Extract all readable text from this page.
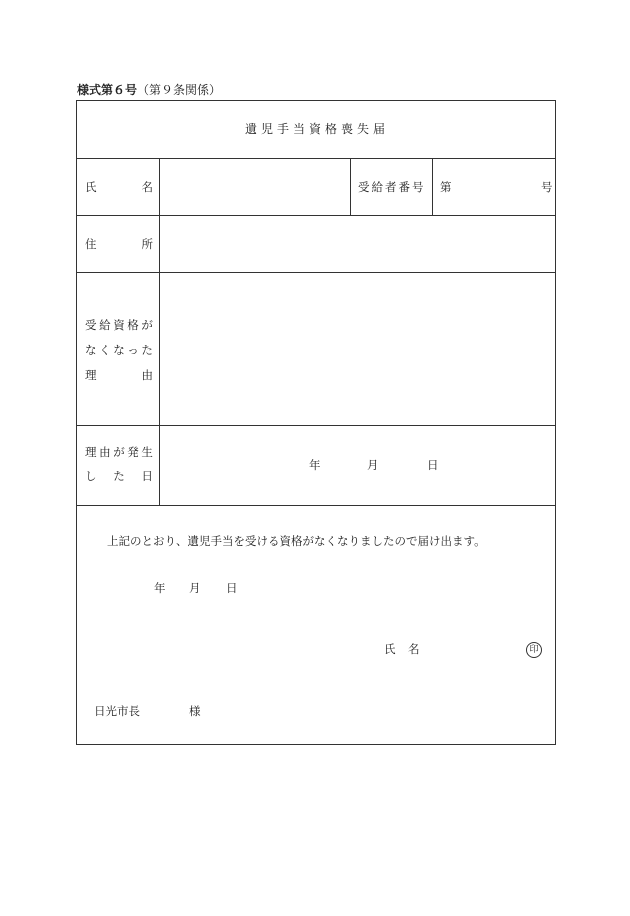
様式第６号（第９条関係）
遺児手当資格喪失届
氏	名	受給者番号 第	号
住	所
受給資格が
なくなった
理	由
理由が発生
し た 日
年	月	日
上記のとおり、遺児手当を受ける資格がなくなりましたので届け出ます。
年 月 日
氏 名	印
日光市長	様
